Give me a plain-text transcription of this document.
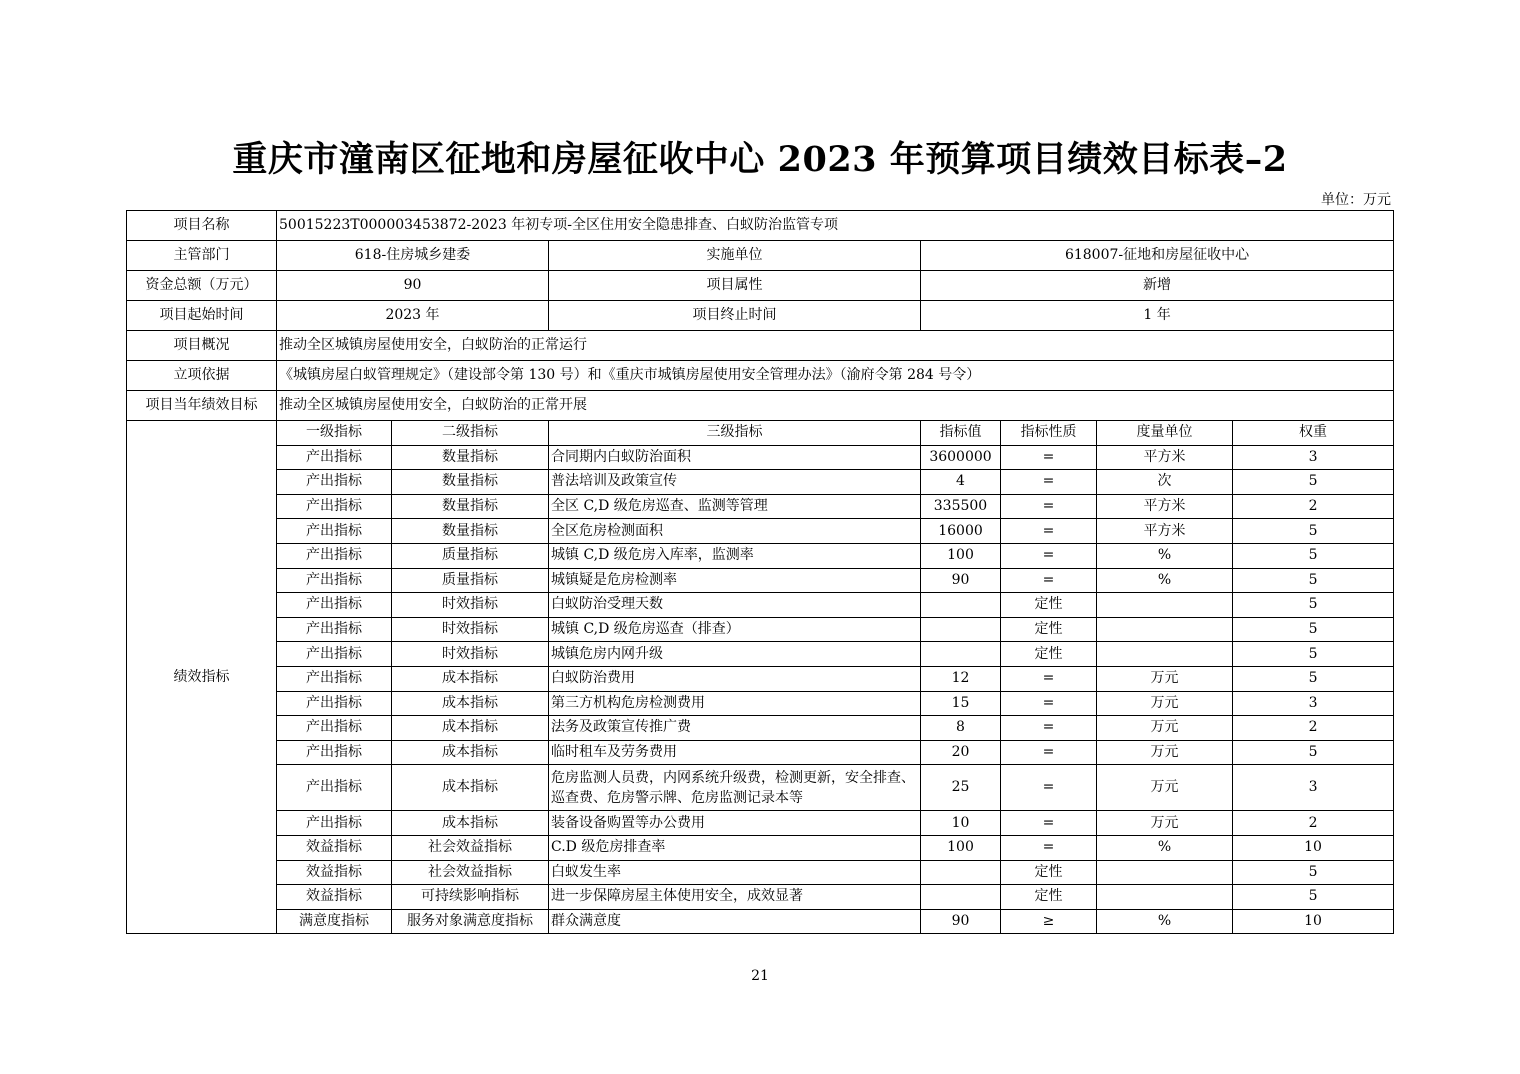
重庆市潼南区征地和房屋征收中心 2023 年预算项目绩效目标表–2
单位：万元
项目名称	50015223T000003453872-2023 年初专项-全区住用安全隐患排查、白蚁防治监管专项						
主管部门	618-住房城乡建委		实施单位	618007-征地和房屋征收中心			
资金总额（万元）	90		项目属性	新增			
项目起始时间	2023 年		项目终止时间	1 年			
项目概况	推动全区城镇房屋使用安全，白蚁防治的正常运行						
立项依据	《城镇房屋白蚁管理规定》（建设部令第 130 号）和《重庆市城镇房屋使用安全管理办法》（渝府令第 284 号令）						
项目当年绩效目标	推动全区城镇房屋使用安全，白蚁防治的正常开展						
绩效指标	一级指标	二级指标	三级指标	指标值	指标性质	度量单位	权重
	产出指标	数量指标	合同期内白蚁防治面积	3600000	=	平方米	3
	产出指标	数量指标	普法培训及政策宣传	4	=	次	5
	产出指标	数量指标	全区 C,D 级危房巡查、监测等管理	335500	=	平方米	2
	产出指标	数量指标	全区危房检测面积	16000	=	平方米	5
	产出指标	质量指标	城镇 C,D 级危房入库率，监测率	100	=	%	5
	产出指标	质量指标	城镇疑是危房检测率	90	=	%	5
	产出指标	时效指标	白蚁防治受理天数		定性		5
	产出指标	时效指标	城镇 C,D 级危房巡查（排查）		定性		5
	产出指标	时效指标	城镇危房内网升级		定性		5
	产出指标	成本指标	白蚁防治费用	12	=	万元	5
	产出指标	成本指标	第三方机构危房检测费用	15	=	万元	3
	产出指标	成本指标	法务及政策宣传推广费	8	=	万元	2
	产出指标	成本指标	临时租车及劳务费用	20	=	万元	5
	产出指标	成本指标	危房监测人员费，内网系统升级费，检测更新，安全排查、巡查费、危房警示牌、危房监测记录本等	25	=	万元	3
	产出指标	成本指标	装备设备购置等办公费用	10	=	万元	2
	效益指标	社会效益指标	C.D 级危房排查率	100	=	%	10
	效益指标	社会效益指标	白蚁发生率		定性		5
	效益指标	可持续影响指标	进一步保障房屋主体使用安全，成效显著		定性		5
	满意度指标	服务对象满意度指标	群众满意度	90	≥	%	10
21
